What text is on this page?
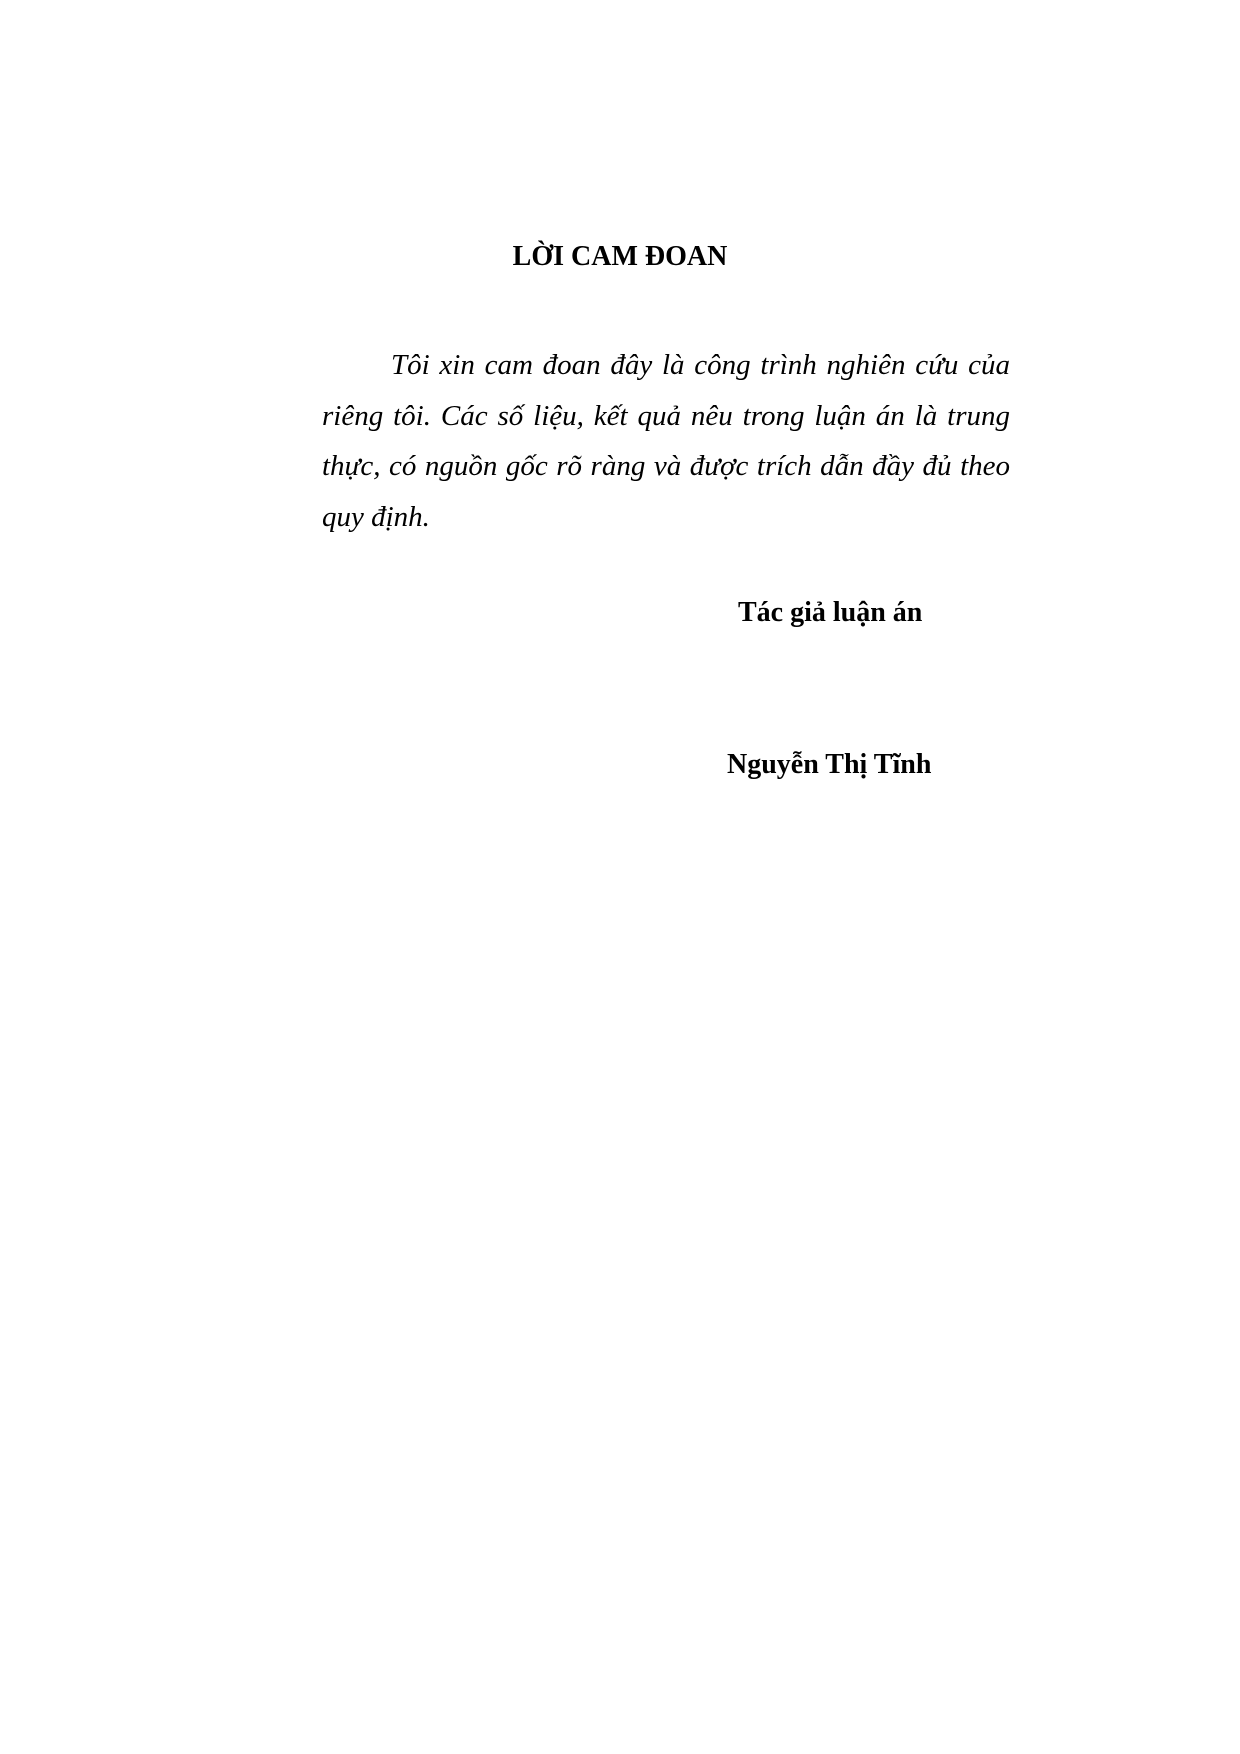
LỜI CAM ĐOAN

Tôi xin cam đoan đây là công trình nghiên cứu của riêng tôi. Các số liệu, kết quả nêu trong luận án là trung thực, có nguồn gốc rõ ràng và được trích dẫn đầy đủ theo quy định.

Tác giả luận án

Nguyễn Thị Tĩnh
